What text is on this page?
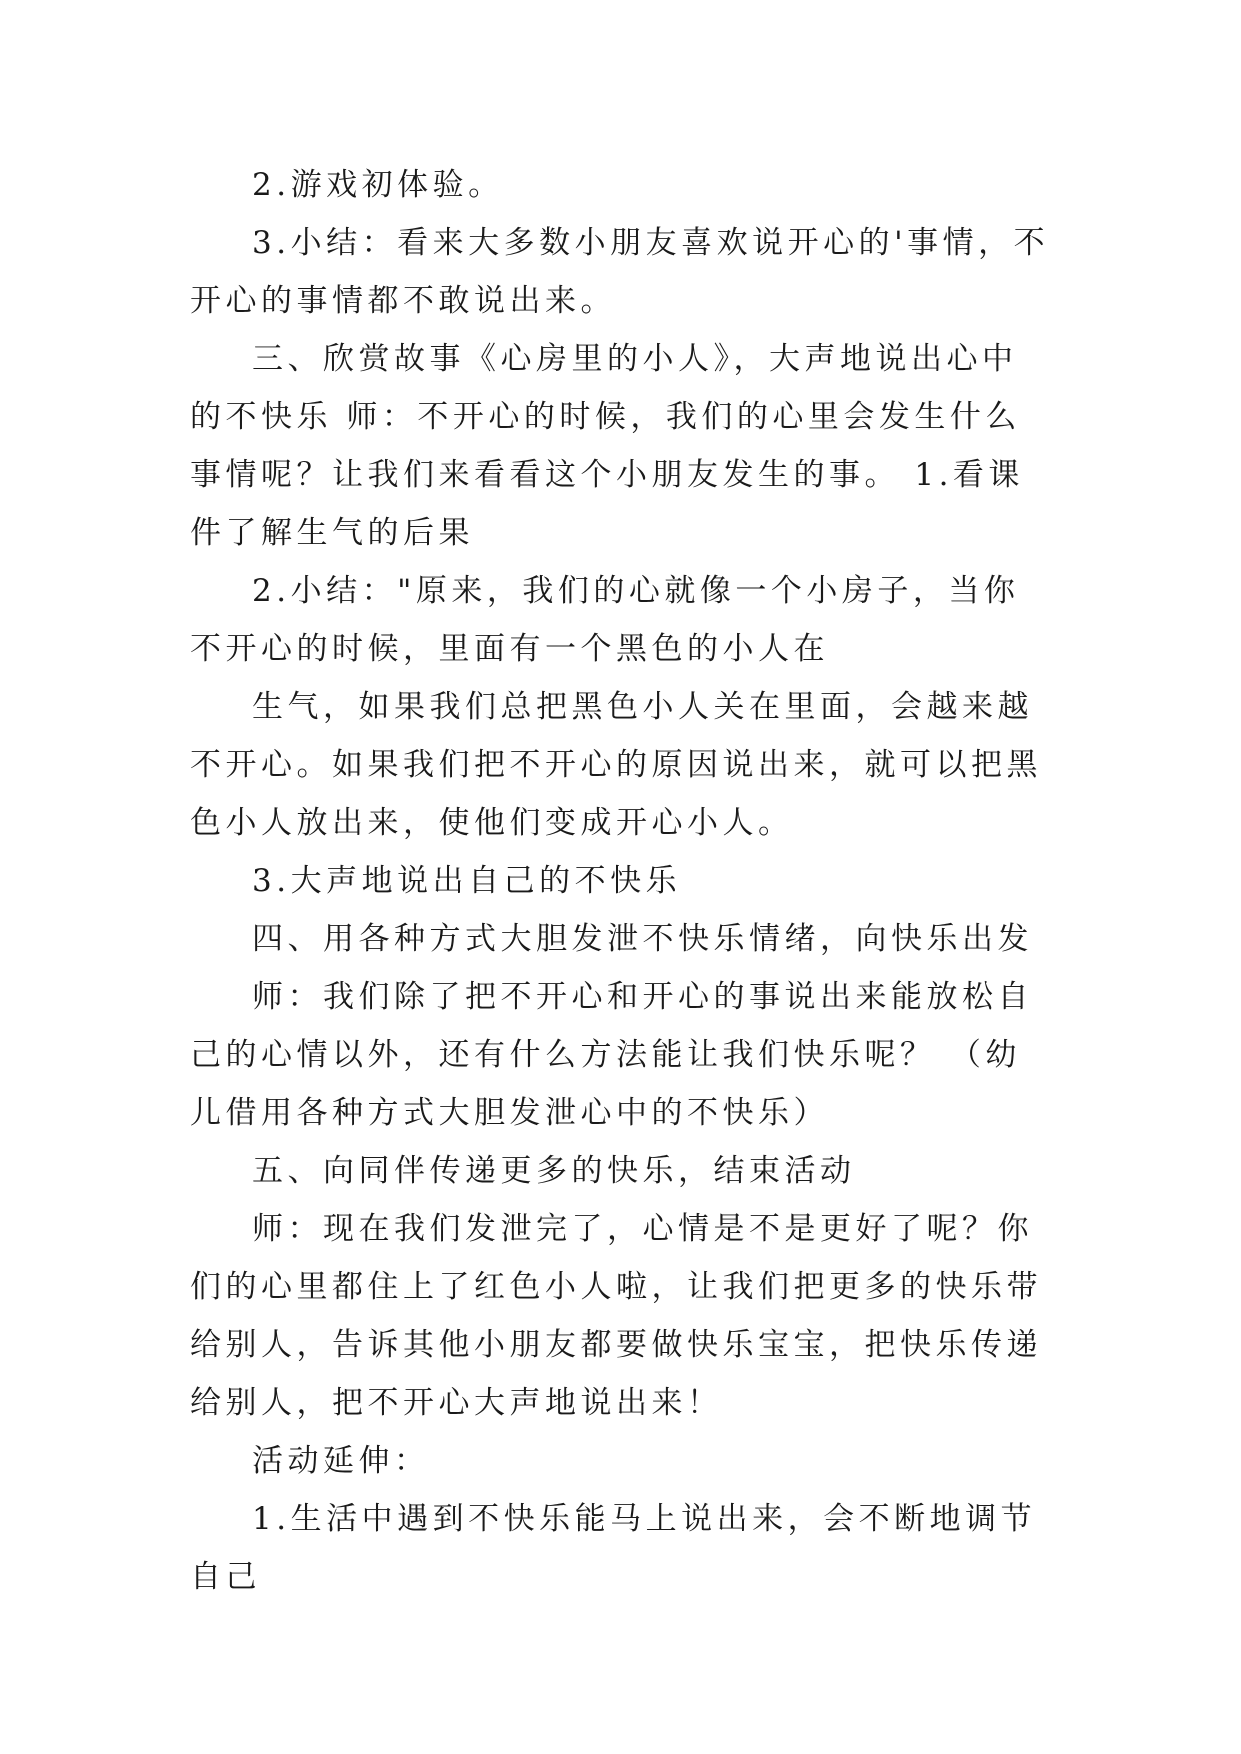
2.游戏初体验。

3.小结：看来大多数小朋友喜欢说开心的'事情，不开心的事情都不敢说出来。

三、欣赏故事《心房里的小人》，大声地说出心中的不快乐 师：不开心的时候，我们的心里会发生什么事情呢？让我们来看看这个小朋友发生的事。 1.看课件了解生气的后果

2.小结："原来，我们的心就像一个小房子，当你不开心的时候，里面有一个黑色的小人在

生气，如果我们总把黑色小人关在里面，会越来越不开心。如果我们把不开心的原因说出来，就可以把黑色小人放出来，使他们变成开心小人。

3.大声地说出自己的不快乐

四、用各种方式大胆发泄不快乐情绪，向快乐出发

师：我们除了把不开心和开心的事说出来能放松自己的心情以外，还有什么方法能让我们快乐呢？ （幼儿借用各种方式大胆发泄心中的不快乐）

五、向同伴传递更多的快乐，结束活动

师：现在我们发泄完了，心情是不是更好了呢？你们的心里都住上了红色小人啦，让我们把更多的快乐带给别人，告诉其他小朋友都要做快乐宝宝，把快乐传递给别人，把不开心大声地说出来！

活动延伸：

1.生活中遇到不快乐能马上说出来，会不断地调节自己
